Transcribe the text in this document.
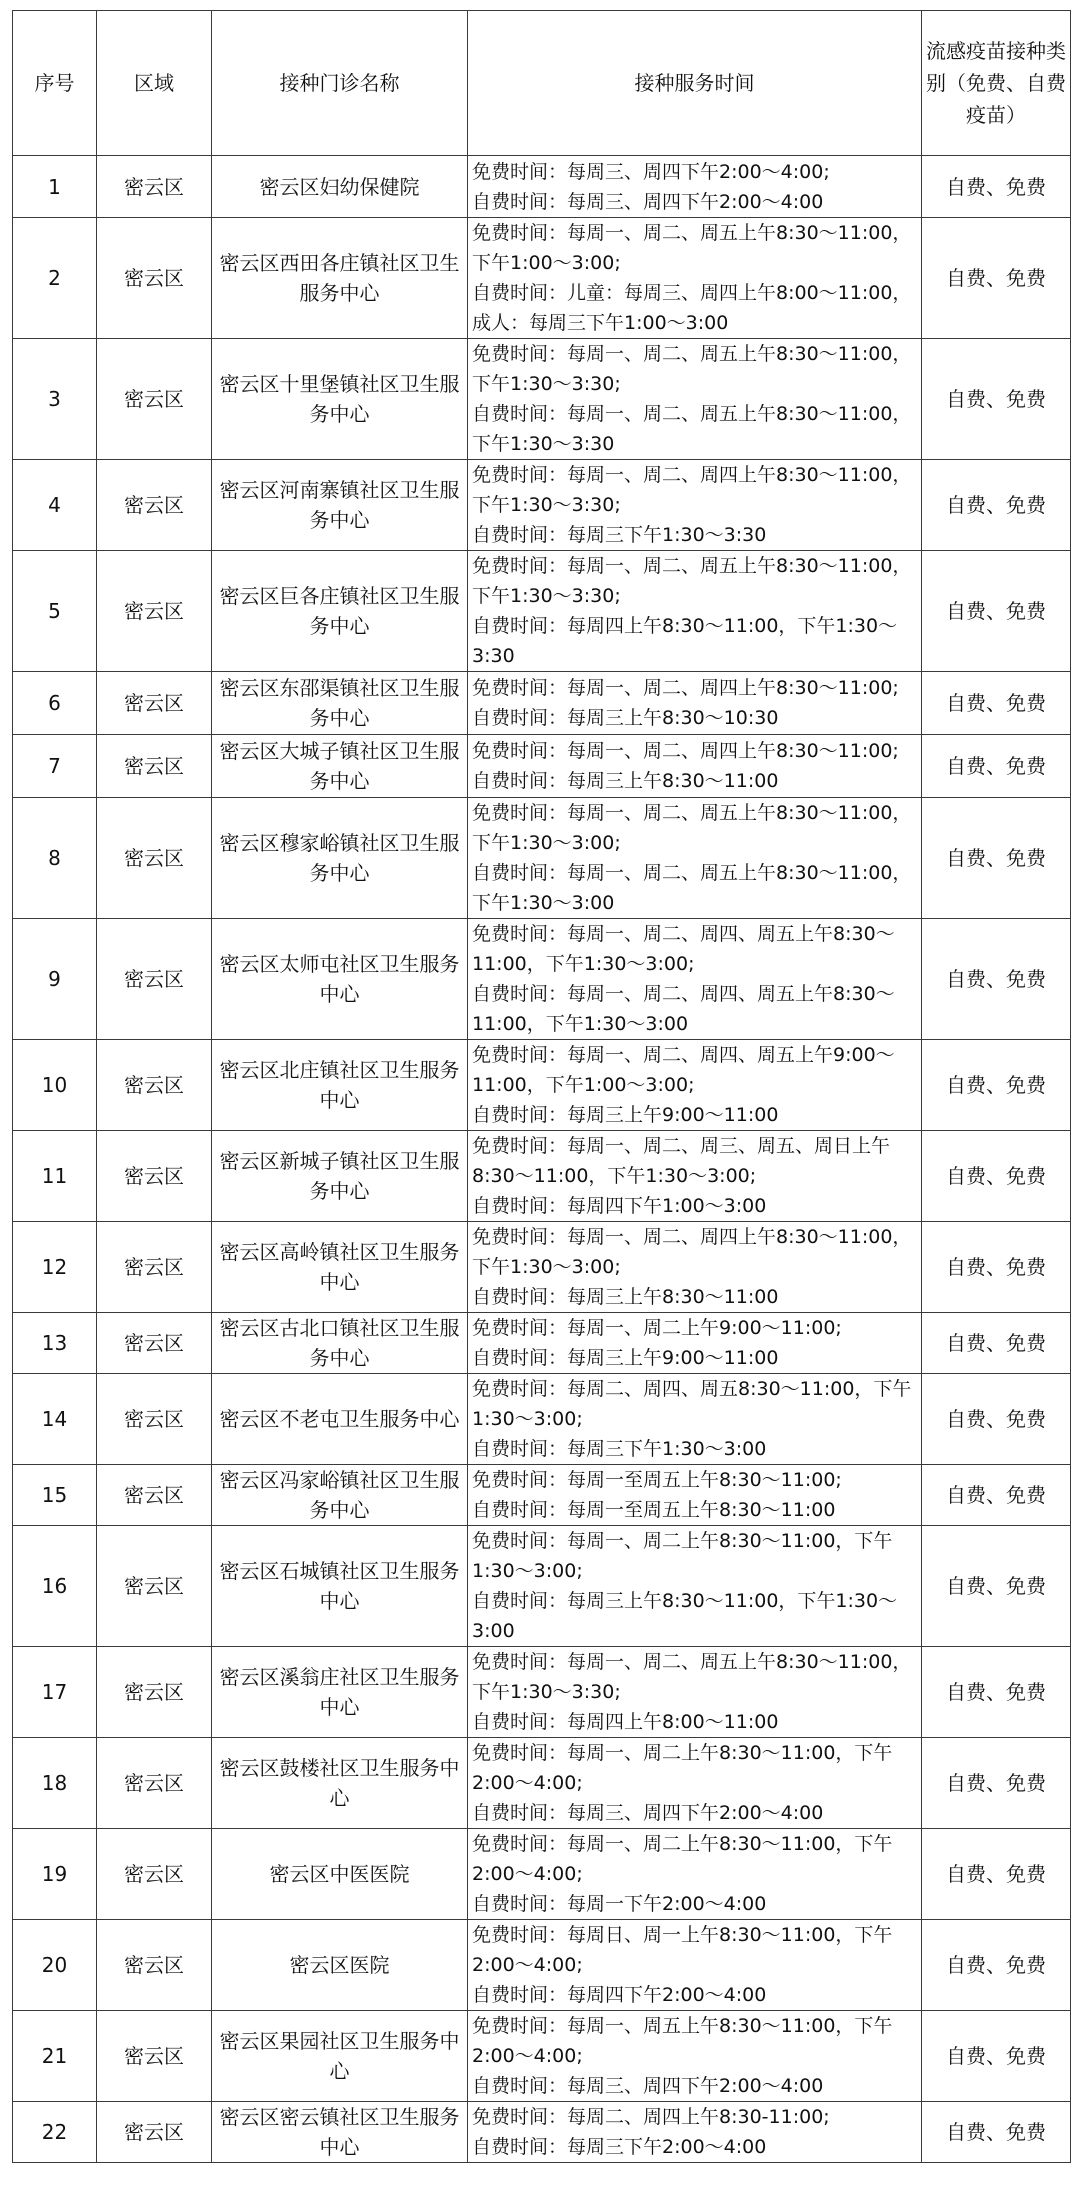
序号	区域	接种门诊名称	接种服务时间	流感疫苗接种类别（免费、自费疫苗）
1	密云区	密云区妇幼保健院	免费时间：每周三、周四下午2:00～4:00;
自费时间：每周三、周四下午2:00～4:00	自费、免费
2	密云区	密云区西田各庄镇社区卫生服务中心	免费时间：每周一、周二、周五上午8:30～11:00，下午1:00～3:00;
自费时间：儿童：每周三、周四上午8:00～11:00，成人：每周三下午1:00～3:00	自费、免费
3	密云区	密云区十里堡镇社区卫生服务中心	免费时间：每周一、周二、周五上午8:30～11:00，下午1:30～3:30;
自费时间：每周一、周二、周五上午8:30～11:00，下午1:30～3:30	自费、免费
4	密云区	密云区河南寨镇社区卫生服务中心	免费时间：每周一、周二、周四上午8:30～11:00，下午1:30～3:30;
自费时间：每周三下午1:30～3:30	自费、免费
5	密云区	密云区巨各庄镇社区卫生服务中心	免费时间：每周一、周二、周五上午8:30～11:00，下午1:30～3:30;
自费时间：每周四上午8:30～11:00，下午1:30～3:30	自费、免费
6	密云区	密云区东邵渠镇社区卫生服务中心	免费时间：每周一、周二、周四上午8:30～11:00;
自费时间：每周三上午8:30～10:30	自费、免费
7	密云区	密云区大城子镇社区卫生服务中心	免费时间：每周一、周二、周四上午8:30～11:00;
自费时间：每周三上午8:30～11:00	自费、免费
8	密云区	密云区穆家峪镇社区卫生服务中心	免费时间：每周一、周二、周五上午8:30～11:00，下午1:30～3:00;
自费时间：每周一、周二、周五上午8:30～11:00，下午1:30～3:00	自费、免费
9	密云区	密云区太师屯社区卫生服务中心	免费时间：每周一、周二、周四、周五上午8:30～11:00，下午1:30～3:00;
自费时间：每周一、周二、周四、周五上午8:30～11:00，下午1:30～3:00	自费、免费
10	密云区	密云区北庄镇社区卫生服务中心	免费时间：每周一、周二、周四、周五上午9:00～11:00，下午1:00～3:00;
自费时间：每周三上午9:00～11:00	自费、免费
11	密云区	密云区新城子镇社区卫生服务中心	免费时间：每周一、周二、周三、周五、周日上午8:30～11:00，下午1:30～3:00;
自费时间：每周四下午1:00～3:00	自费、免费
12	密云区	密云区高岭镇社区卫生服务中心	免费时间：每周一、周二、周四上午8:30～11:00，下午1:30～3:00;
自费时间：每周三上午8:30～11:00	自费、免费
13	密云区	密云区古北口镇社区卫生服务中心	免费时间：每周一、周二上午9:00～11:00;
自费时间：每周三上午9:00～11:00	自费、免费
14	密云区	密云区不老屯卫生服务中心	免费时间：每周二、周四、周五8:30～11:00，下午1:30～3:00;
自费时间：每周三下午1:30～3:00	自费、免费
15	密云区	密云区冯家峪镇社区卫生服务中心	免费时间：每周一至周五上午8:30～11:00;
自费时间：每周一至周五上午8:30～11:00	自费、免费
16	密云区	密云区石城镇社区卫生服务中心	免费时间：每周一、周二上午8:30～11:00，下午1:30～3:00;
自费时间：每周三上午8:30～11:00，下午1:30～3:00	自费、免费
17	密云区	密云区溪翁庄社区卫生服务中心	免费时间：每周一、周二、周五上午8:30～11:00，下午1:30～3:30;
自费时间：每周四上午8:00～11:00	自费、免费
18	密云区	密云区鼓楼社区卫生服务中心	免费时间：每周一、周二上午8:30～11:00，下午2:00～4:00;
自费时间：每周三、周四下午2:00～4:00	自费、免费
19	密云区	密云区中医医院	免费时间：每周一、周二上午8:30～11:00，下午2:00～4:00;
自费时间：每周一下午2:00～4:00	自费、免费
20	密云区	密云区医院	免费时间：每周日、周一上午8:30～11:00，下午2:00～4:00;
自费时间：每周四下午2:00～4:00	自费、免费
21	密云区	密云区果园社区卫生服务中心	免费时间：每周一、周五上午8:30～11:00，下午2:00～4:00;
自费时间：每周三、周四下午2:00～4:00	自费、免费
22	密云区	密云区密云镇社区卫生服务中心	免费时间：每周二、周四上午8:30-11:00;
自费时间：每周三下午2:00～4:00	自费、免费
